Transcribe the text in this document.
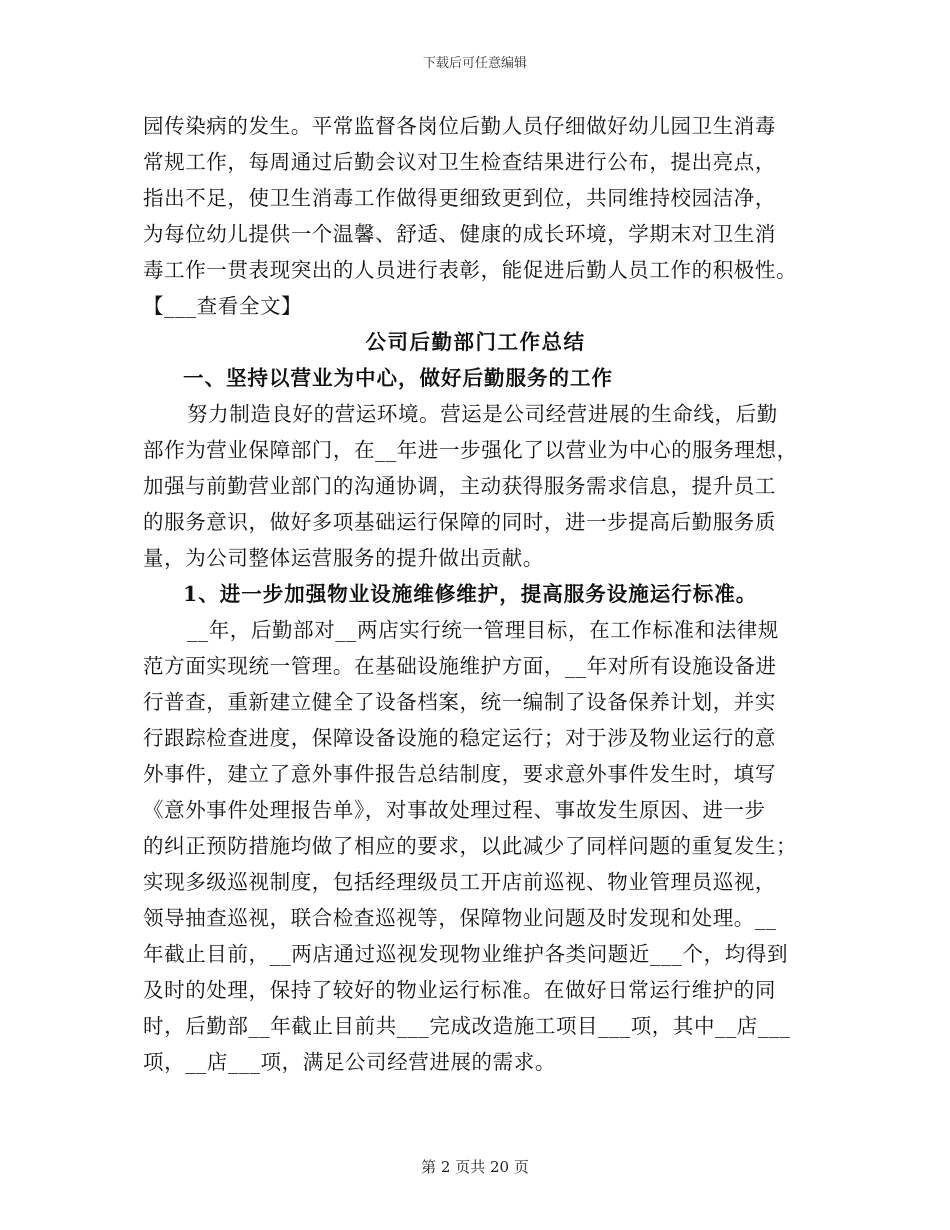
下载后可任意编辑
园传染病的发生。平常监督各岗位后勤人员仔细做好幼儿园卫生消毒
常规工作，每周通过后勤会议对卫生检查结果进行公布，提出亮点，
指出不足，使卫生消毒工作做得更细致更到位，共同维持校园洁净，
为每位幼儿提供一个温馨、舒适、健康的成长环境，学期末对卫生消
毒工作一贯表现突出的人员进行表彰，能促进后勤人员工作的积极性。
【___查看全文】
公司后勤部门工作总结
一、坚持以营业为中心，做好后勤服务的工作
努力制造良好的营运环境。营运是公司经营进展的生命线，后勤
部作为营业保障部门，在__年进一步强化了以营业为中心的服务理想，
加强与前勤营业部门的沟通协调，主动获得服务需求信息，提升员工
的服务意识，做好多项基础运行保障的同时，进一步提高后勤服务质
量，为公司整体运营服务的提升做出贡献。
1、进一步加强物业设施维修维护，提高服务设施运行标准。
__年，后勤部对__两店实行统一管理目标，在工作标准和法律规
范方面实现统一管理。在基础设施维护方面，__年对所有设施设备进
行普查，重新建立健全了设备档案，统一编制了设备保养计划，并实
行跟踪检查进度，保障设备设施的稳定运行；对于涉及物业运行的意
外事件，建立了意外事件报告总结制度，要求意外事件发生时，填写
《意外事件处理报告单》，对事故处理过程、事故发生原因、进一步
的纠正预防措施均做了相应的要求，以此减少了同样问题的重复发生；
实现多级巡视制度，包括经理级员工开店前巡视、物业管理员巡视，
领导抽查巡视，联合检查巡视等，保障物业问题及时发现和处理。__
年截止目前，__两店通过巡视发现物业维护各类问题近___个，均得到
及时的处理，保持了较好的物业运行标准。在做好日常运行维护的同
时，后勤部__年截止目前共___完成改造施工项目___项，其中__店___
项，__店___项，满足公司经营进展的需求。
第 2 页共 20 页
